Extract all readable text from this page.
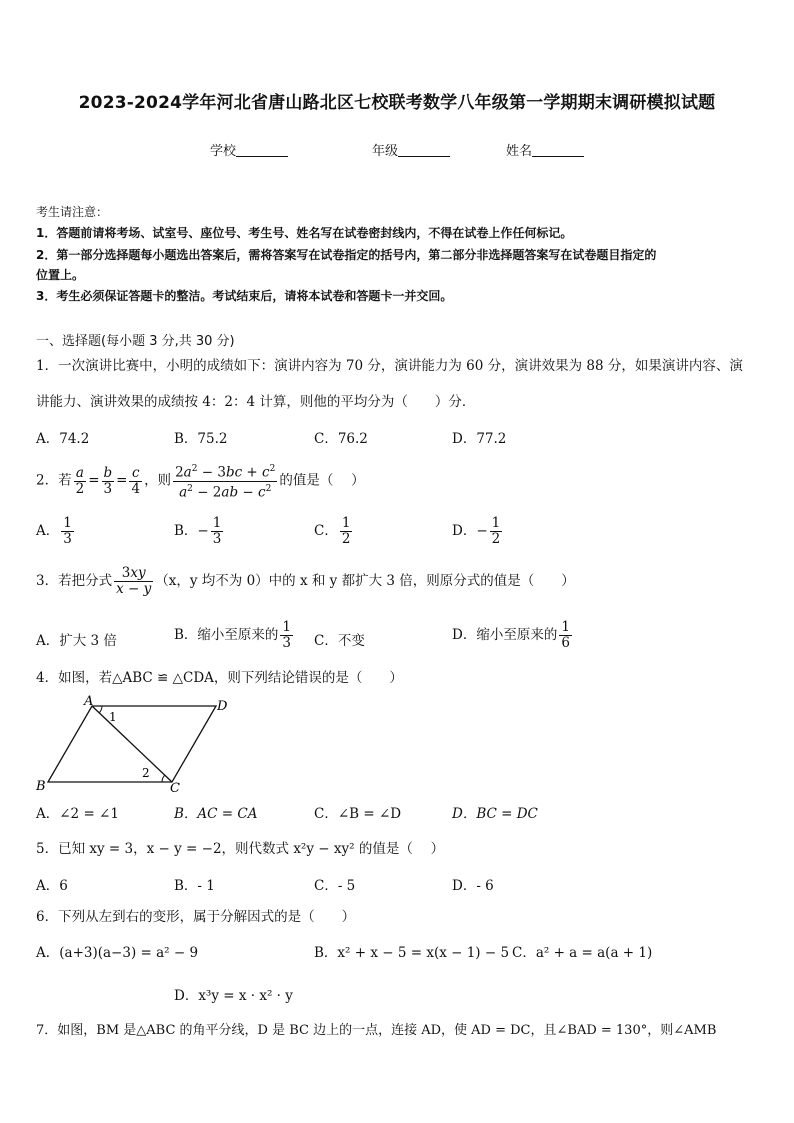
2023-2024学年河北省唐山路北区七校联考数学八年级第一学期期末调研模拟试题
学校	年级	姓名
考生请注意：
1．答题前请将考场、试室号、座位号、考生号、姓名写在试卷密封线内，不得在试卷上作任何标记。
2．第一部分选择题每小题选出答案后，需将答案写在试卷指定的括号内，第二部分非选择题答案写在试卷题目指定的
位置上。
3．考生必须保证答题卡的整洁。考试结束后，请将本试卷和答题卡一并交回。
一、选择题(每小题 3 分,共 30 分)
1．一次演讲比赛中，小明的成绩如下：演讲内容为 70 分，演讲能力为 60 分，演讲效果为 88 分，如果演讲内容、演
讲能力、演讲效果的成绩按 4：2：4 计算，则他的平均分为（　　）分．
A．74.2	B．75.2	C．76.2	D．77.2
2．若 $\frac{a}{2} = \frac{b}{3} = \frac{c}{4}$ ，则 $\frac{2a^2 - 3bc + c^2}{a^2 - 2ab - c^2}$ 的值是（　 ）
A． $\frac{1}{3}$	B．− $\frac{1}{3}$	C． $\frac{1}{2}$	D．− $\frac{1}{2}$
3．若把分式 $\frac{3xy}{x - y} (x$，y 均不为 0）中的 x 和 y 都扩大 3 倍，则原分式的值是（　　）
A．扩大 3 倍	B．缩小至原来的 $\frac{1}{3}$ C．不变	D．缩小至原来的 $\frac{1}{6}$
4．如图，若△ABC ≌ △CDA，则下列结论错误的是（　　）
A	D
B	C
1
2
A．∠2 = ∠1	B．AC = CA	C．∠B = ∠D	D．BC = DC
5．已知 xy = 3，x − y = −2，则代数式 x²y − xy² 的值是（　 ）
A．6	B．- 1	C．- 5	D．- 6
6．下列从左到右的变形，属于分解因式的是（　　）
A．(a+3)(a−3) = a² − 9	B．x² + x − 5 = x(x − 1) − 5 C．a² + a = a(a + 1)
D．x³y = x · x² · y
7．如图，BM 是△ABC 的角平分线，D 是 BC 边上的一点，连接 AD，使 AD = DC，且∠BAD = 130°，则∠AMB
